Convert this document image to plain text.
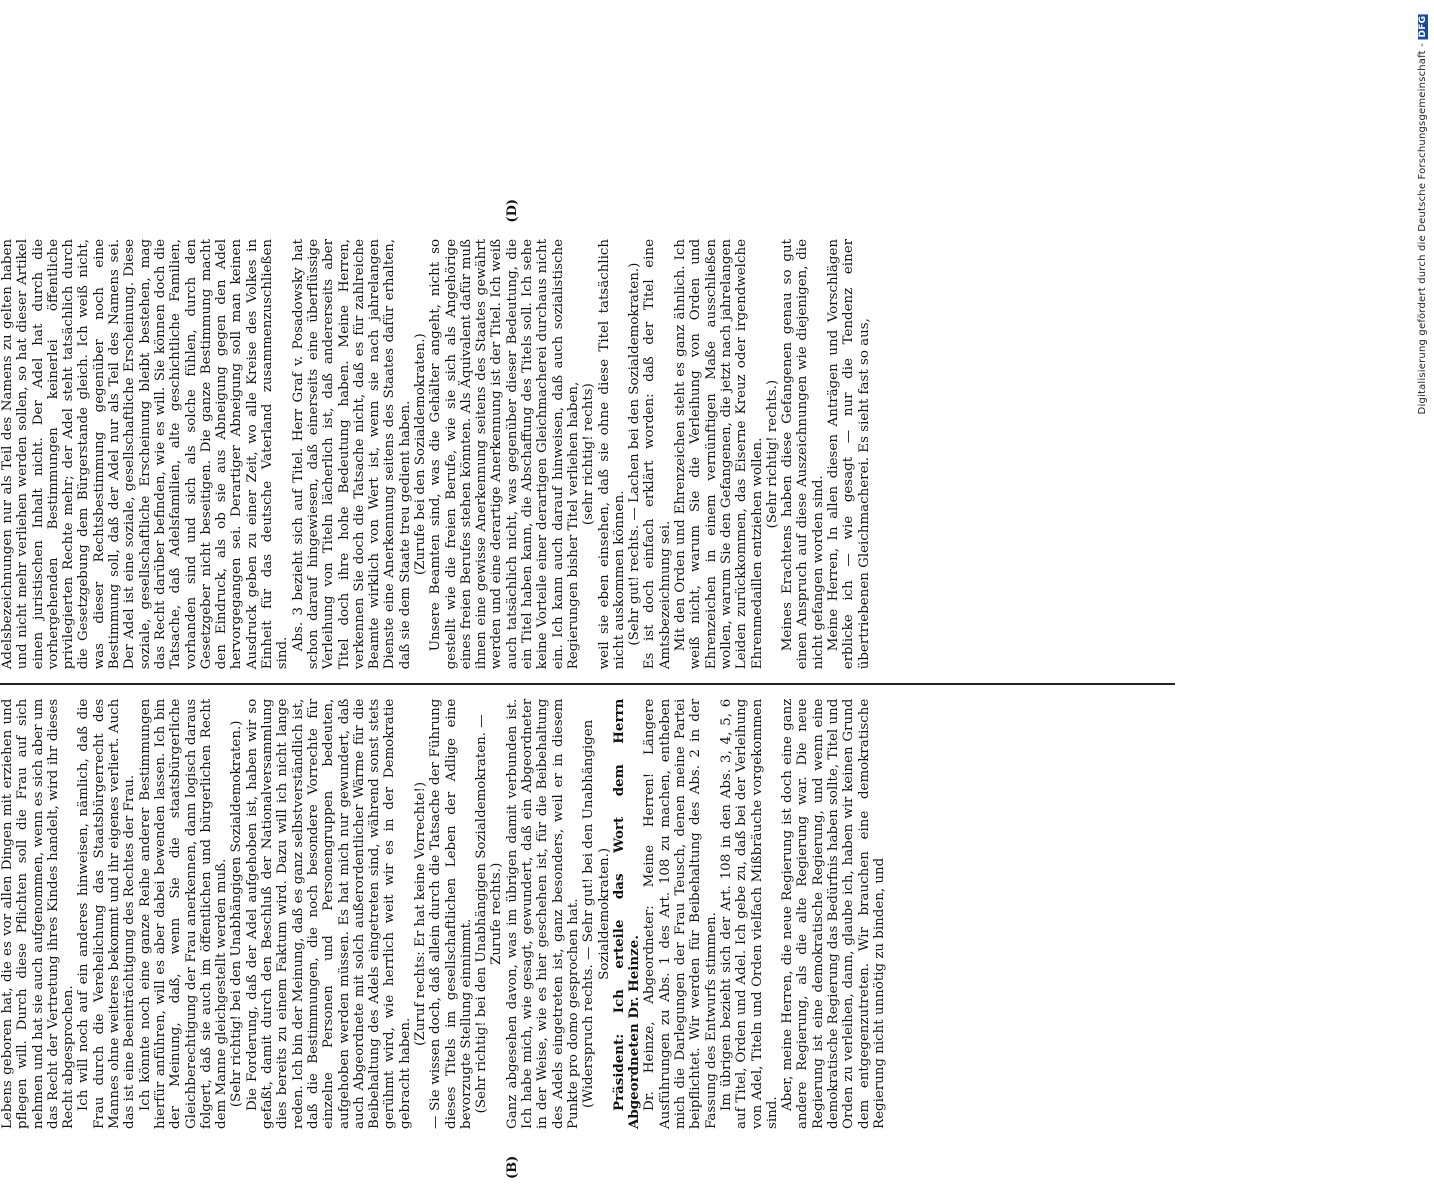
Lebens geboren hat, die es vor allen Dingen mit erziehen und pflegen will. Durch diese Pflichten soll die Frau auf sich nehmen und hat sie auch aufgenommen, wenn es sich aber um das Recht der Vertretung ihres Kindes handelt, wird ihr dieses Recht abgesprochen. Ich will noch auf ein anderes hinweisen, nämlich, daß die Frau durch die Verehelichung das Staatsbürgerrecht des Mannes ohne weiteres bekommt und ihr eigenes verliert. Auch das ist eine Beeinträchtigung des Rechtes der Frau. Ich könnte noch eine ganze Reihe anderer Bestimmungen hierfür anführen, will es aber dabei bewenden lassen. Ich bin der Meinung, daß, wenn Sie die staatsbürgerliche Gleichberechtigung der Frau anerkennen, dann logisch daraus folgert, daß sie auch im öffentlichen und bürgerlichen Recht dem Manne gleichgestellt werden muß. (Sehr richtig! bei den Unabhängigen Sozialdemokraten.) Die Forderung, daß der Adel aufgehoben ist, haben wir so gefaßt, damit durch den Beschluß der Nationalversammlung dies bereits zu einem Faktum wird. Dazu will ich nicht lange reden. Ich bin der Meinung, daß es ganz selbstverständlich ist, daß die Bestimmungen, die noch besondere Vorrechte für einzelne Personen und Personengruppen bedeuten, aufgehoben werden müssen. Es hat mich nur gewundert, daß auch Abgeordnete mit solch außerordentlicher Wärme für die Beibehaltung des Adels eingetreten sind, während sonst stets gerühmt wird, wie herrlich weit wir es in der Demokratie gebracht haben.

(Zuruf rechts: Er hat keine Vorrechte!) — Sie wissen doch, daß allein durch die Tatsache der Führung dieses Titels im gesellschaftlichen Leben der Adlige eine bevorzugte Stellung einnimmt. (Sehr richtig! bei den Unabhängigen Sozialdemokraten. — Zurufe rechts.) Ganz abgesehen davon, was im übrigen damit verbunden ist. Ich habe mich, wie gesagt, gewundert, daß ein Abgeordneter in der Weise, wie es hier geschehen ist, für die Beibehaltung des Adels eingetreten ist, ganz besonders, weil er in diesem Punkte pro domo gesprochen hat. (Widerspruch rechts. — Sehr gut! bei den Unabhängigen Sozialdemokraten.) Präsident: Ich erteile das Wort dem Herrn Abgeordneten Dr. Heinze. Dr. Heinze, Abgeordneter: Meine Herren! Längere Ausführungen zu Abs. 1 des Art. 108 zu machen, entheben mich die Darlegungen der Frau Teusch, denen meine Partei beipflichtet. Wir werden für Beibehaltung des Abs. 2 in der Fassung des Entwurfs stimmen. Im übrigen bezieht sich der Art. 108 in den Abs. 3, 4, 5, 6 auf Titel, Orden und Adel. Ich gebe zu, daß bei der Verleihung von Adel, Titeln und Orden vielfach Mißbräuche vorgekommen sind.

Aber, meine Herren, die neue Regierung ist doch eine ganz andere Regierung, als die alte Regierung war. Die neue Regierung ist eine demokratische Regierung, und wenn eine demokratische Regierung das Bedürfnis haben sollte, Titel und Orden zu verleihen, dann, glaube ich, haben wir keinen Grund dem entgegenzutreten. Wir brauchen eine demokratische Regierung nicht unnötig zu binden, und

Adelsbezeichnungen nur als Teil des Namens zu gelten haben und nicht mehr verliehen werden sollen, so hat dieser Artikel einen juristischen Inhalt nicht. Der Adel hat durch die vorhergehenden Bestimmungen keinerlei öffentliche privilegierten Rechte mehr; der Adel steht tatsächlich durch die Gesetzgebung dem Bürgerstande gleich. Ich weiß nicht, was dieser Rechtsbestimmung gegenüber noch eine Bestimmung soll, daß der Adel nur als Teil des Namens sei. Der Adel ist eine soziale, gesellschaftliche Erscheinung. Diese soziale, gesellschaftliche Erscheinung bleibt bestehen, mag das Recht darüber befinden, wie es will. Sie können doch die Tatsache, daß Adelsfamilien, alte geschichtliche Familien, vorhanden sind und sich als solche fühlen, durch den Gesetzgeber nicht beseitigen. Die ganze Bestimmung macht den Eindruck, als ob sie aus Abneigung gegen den Adel hervorgegangen sei. Derartiger Abneigung soll man keinen Ausdruck geben zu einer Zeit, wo alle Kreise des Volkes in Einheit für das deutsche Vaterland zusammenzuschließen sind.

Abs. 3 bezieht sich auf Titel. Herr Graf v. Posadowsky hat schon darauf hingewiesen, daß einerseits eine überflüssige Verleihung von Titeln lächerlich ist, daß andererseits aber Titel doch ihre hohe Bedeutung haben. Meine Herren, verkennen Sie doch die Tatsache nicht, daß es für zahlreiche Beamte wirklich von Wert ist, wenn sie nach jahrelangen Dienste eine Anerkennung seitens des Staates dafür erhalten, daß sie dem Staate treu gedient haben. (Zurufe bei den Sozialdemokraten.) Unsere Beamten sind, was die Gehälter angeht, nicht so gestellt wie die freien Berufe, wie sie sich als Angehörige eines freien Berufes stehen könnten. Als Äquivalent dafür muß ihnen eine gewisse Anerkennung seitens des Staates gewährt werden und eine derartige Anerkennung ist der Titel. Ich weiß auch tatsächlich nicht, was gegenüber dieser Bedeutung, die ein Titel haben kann, die Abschaffung des Titels soll. Ich sehe keine Vorteile einer derartigen Gleichmacherei durchaus nicht ein. Ich kann auch darauf hinweisen, daß auch sozialistische Regierungen bisher Titel verliehen haben, (sehr richtig! rechts) weil sie eben einsehen, daß sie ohne diese Titel tatsächlich nicht auskommen können. (Sehr gut! rechts. — Lachen bei den Sozialdemokraten.) Es ist doch einfach erklärt worden: daß der Titel eine Amtsbezeichnung sei. Mit den Orden und Ehrenzeichen steht es ganz ähnlich. Ich weiß nicht, warum Sie die Verleihung von Orden und Ehrenzeichen in einem vernünftigen Maße ausschließen wollen, warum Sie den Gefangenen, die jetzt nach jahrelangen Leiden zurückkommen, das Eiserne Kreuz oder irgendwelche Ehrenmedaillen entziehen wollen. (Sehr richtig! rechts.) Meines Erachtens haben diese Gefangenen genau so gut einen Anspruch auf diese Auszeichnungen wie diejenigen, die nicht gefangen worden sind. Meine Herren, In allen diesen Anträgen und Vorschlägen erblicke ich — wie gesagt — nur die Tendenz einer übertriebenen Gleichmacherei. Es sieht fast so aus,

(B)
(D)	Digitalisierung gefördert durch die Deutsche Forschungsgemeinschaft - DFG
